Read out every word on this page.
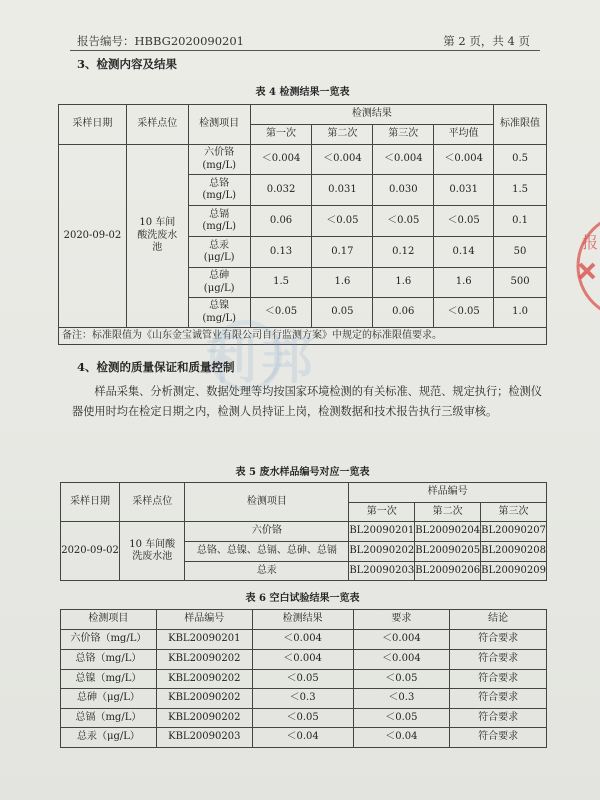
报告编号：HBBG2020090201	第 2 页，共 4 页
3、检测内容及结果
表 4 检测结果一览表
采样日期	采样点位	检测项目	检测结果				标准限值
			第一次	第二次	第三次	平均值	
2020-09-02	10 车间酸洗废水池	六价铬
(mg/L)	＜0.004	＜0.004	＜0.004	＜0.004	0.5
		总铬
(mg/L)	0.032	0.031	0.030	0.031	1.5
		总镉
(mg/L)	0.06	＜0.05	＜0.05	＜0.05	0.1
		总汞
(μg/L)	0.13	0.17	0.12	0.14	50
		总砷
(μg/L)	1.5	1.6	1.6	1.6	500
		总镍
(mg/L)	＜0.05	0.05	0.06	＜0.05	1.0
备注：标准限值为《山东金宝诚管业有限公司自行监测方案》中规定的标准限值要求。
利邦
4、检测的质量保证和质量控制
样品采集、分析测定、数据处理等均按国家环境检测的有关标准、规范、规定执行；检测仪器使用时均在检定日期之内，检测人员持证上岗，检测数据和技术报告执行三级审核。
表 5 废水样品编号对应一览表
采样日期	采样点位	检测项目	样品编号		
			第一次	第二次	第三次
2020-09-02	10 车间酸洗废水池	六价铬	BL20090201	BL20090204	BL20090207
		总铬、总镍、总镉、总砷、总镉	BL20090202	BL20090205	BL20090208
		总汞	BL20090203	BL20090206	BL20090209
表 6 空白试验结果一览表
检测项目	样品编号	检测结果	要求	结论
六价铬（mg/L）	KBL20090201	＜0.004	＜0.004	符合要求
总铬（mg/L）	KBL20090202	＜0.004	＜0.004	符合要求
总镍（mg/L）	KBL20090202	＜0.05	＜0.05	符合要求
总砷（μg/L）	KBL20090202	＜0.3	＜0.3	符合要求
总镉（mg/L）	KBL20090202	＜0.05	＜0.05	符合要求
总汞（μg/L）	KBL20090203	＜0.04	＜0.04	符合要求
报
